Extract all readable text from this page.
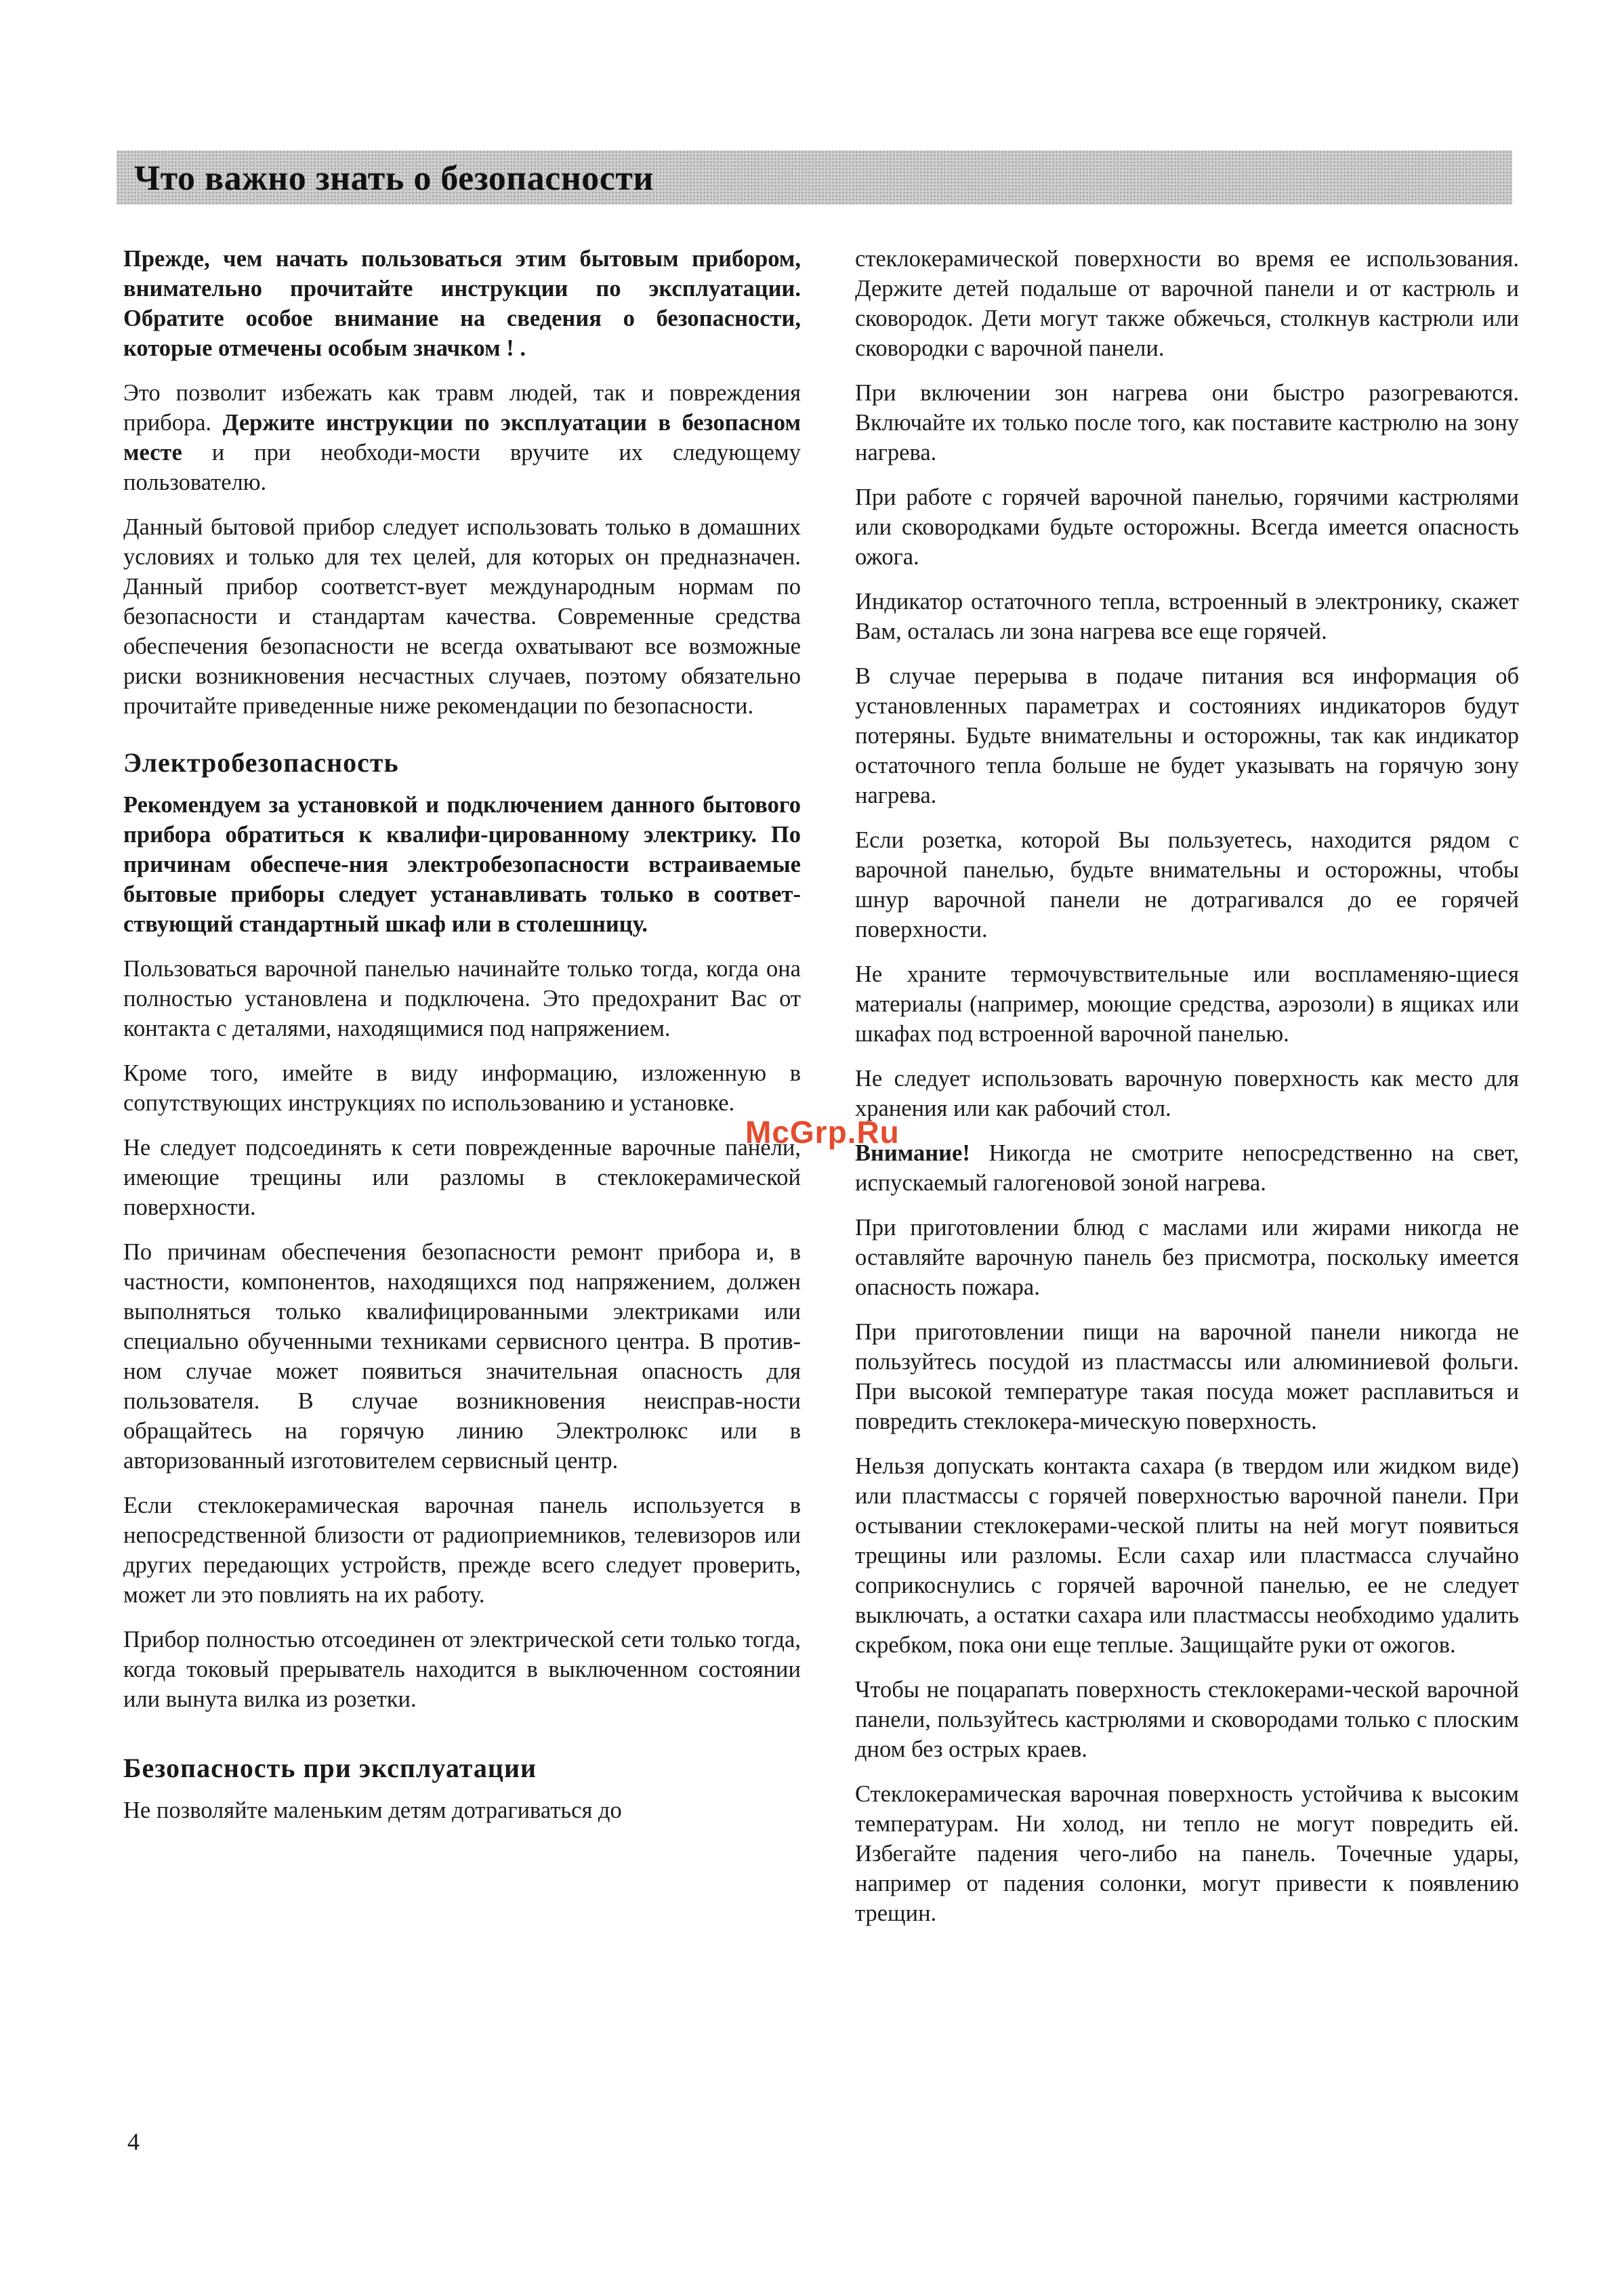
Что важно знать о безопасности

Прежде, чем начать пользоваться этим бытовым прибором, внимательно прочитайте инструкции по эксплуатации. Обратите особое внимание на сведения о безопасности, которые отмечены особым значком ! .

Это позволит избежать как травм людей, так и повреждения прибора. Держите инструкции по эксплуатации в безопасном месте и при необходи-мости вручите их следующему пользователю.

Данный бытовой прибор следует использовать только в домашних условиях и только для тех целей, для которых он предназначен. Данный прибор соответст-вует международным нормам по безопасности и стандартам качества. Современные средства обеспечения безопасности не всегда охватывают все возможные риски возникновения несчастных случаев, поэтому обязательно прочитайте приведенные ниже рекомендации по безопасности.

Электробезопасность

Рекомендуем за установкой и подключением данного бытового прибора обратиться к квалифи-цированному электрику. По причинам обеспече-ния электробезопасности встраиваемые бытовые приборы следует устанавливать только в соответ-ствующий стандартный шкаф или в столешницу.

Пользоваться варочной панелью начинайте только тогда, когда она полностью установлена и подключена. Это предохранит Вас от контакта с деталями, находящимися под напряжением.

Кроме того, имейте в виду информацию, изложенную в сопутствующих инструкциях по использованию и установке.

Не следует подсоединять к сети поврежденные варочные панели, имеющие трещины или разломы в стеклокерамической поверхности.

По причинам обеспечения безопасности ремонт прибора и, в частности, компонентов, находящихся под напряжением, должен выполняться только квалифицированными электриками или специально обученными техниками сервисного центра. В против-ном случае может появиться значительная опасность для пользователя. В случае возникновения неисправ-ности обращайтесь на горячую линию Электролюкс или в авторизованный изготовителем сервисный центр.

Если стеклокерамическая варочная панель используется в непосредственной близости от радиоприемников, телевизоров или других передающих устройств, прежде всего следует проверить, может ли это повлиять на их работу.

Прибор полностью отсоединен от электрической сети только тогда, когда токовый прерыватель находится в выключенном состоянии или вынута вилка из розетки.

Безопасность при эксплуатации

Не позволяйте маленьким детям дотрагиваться до

стеклокерамической поверхности во время ее использования. Держите детей подальше от варочной панели и от кастрюль и сковородок. Дети могут также обжечься, столкнув кастрюли или сковородки с варочной панели.

При включении зон нагрева они быстро разогреваются. Включайте их только после того, как поставите кастрюлю на зону нагрева.

При работе с горячей варочной панелью, горячими кастрюлями или сковородками будьте осторожны. Всегда имеется опасность ожога.

Индикатор остаточного тепла, встроенный в электронику, скажет Вам, осталась ли зона нагрева все еще горячей.

В случае перерыва в подаче питания вся информация об установленных параметрах и состояниях индикаторов будут потеряны. Будьте внимательны и осторожны, так как индикатор остаточного тепла больше не будет указывать на горячую зону нагрева.

Если розетка, которой Вы пользуетесь, находится рядом с варочной панелью, будьте внимательны и осторожны, чтобы шнур варочной панели не дотрагивался до ее горячей поверхности.

Не храните термочувствительные или воспламеняю-щиеся материалы (например, моющие средства, аэрозоли) в ящиках или шкафах под встроенной варочной панелью.

Не следует использовать варочную поверхность как место для хранения или как рабочий стол.

Внимание! Никогда не смотрите непосредственно на свет, испускаемый галогеновой зоной нагрева.

При приготовлении блюд с маслами или жирами никогда не оставляйте варочную панель без присмотра, поскольку имеется опасность пожара.

При приготовлении пищи на варочной панели никогда не пользуйтесь посудой из пластмассы или алюминиевой фольги. При высокой температуре такая посуда может расплавиться и повредить стеклокера-мическую поверхность.

Нельзя допускать контакта сахара (в твердом или жидком виде) или пластмассы с горячей поверхностью варочной панели. При остывании стеклокерами-ческой плиты на ней могут появиться трещины или разломы. Если сахар или пластмасса случайно соприкоснулись с горячей варочной панелью, ее не следует выключать, а остатки сахара или пластмассы необходимо удалить скребком, пока они еще теплые. Защищайте руки от ожогов.

Чтобы не поцарапать поверхность стеклокерами-ческой варочной панели, пользуйтесь кастрюлями и сковородами только с плоским дном без острых краев.

Стеклокерамическая варочная поверхность устойчива к высоким температурам. Ни холод, ни тепло не могут повредить ей. Избегайте падения чего-либо на панель. Точечные удары, например от падения солонки, могут привести к появлению трещин.

McGrp.Ru
4
